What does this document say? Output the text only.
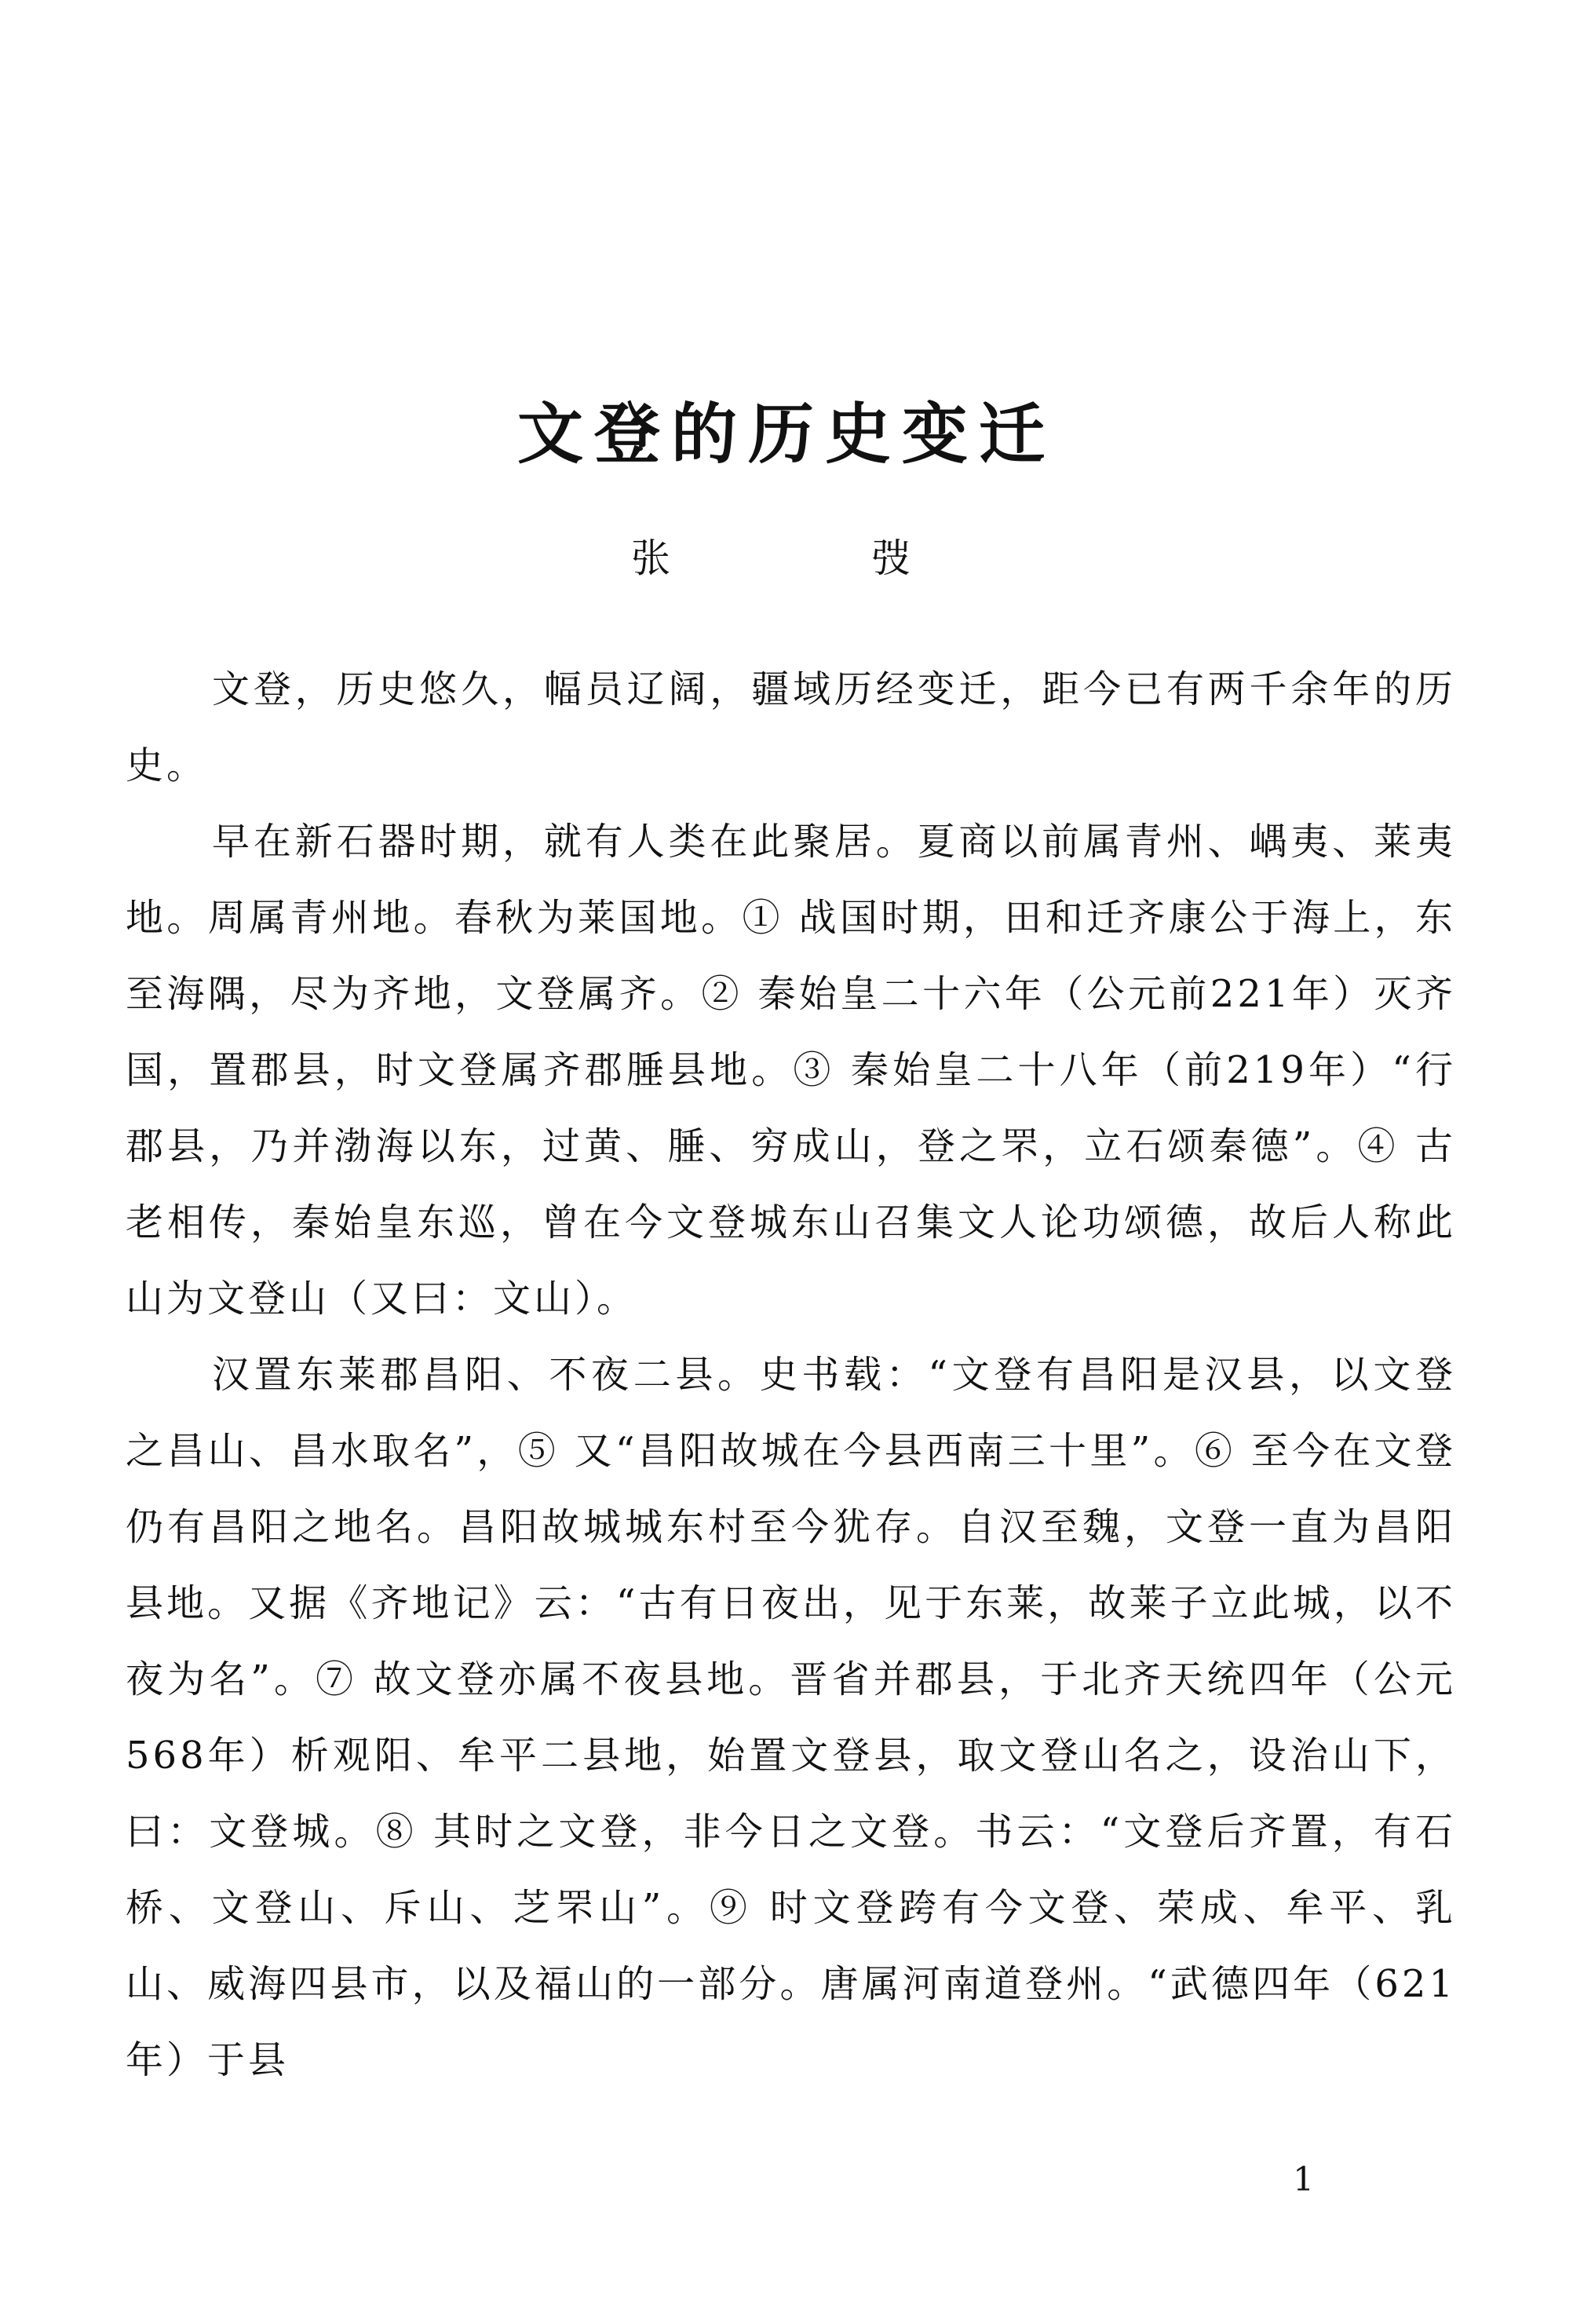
文登的历史变迁
张 弢

文登，历史悠久，幅员辽阔，疆域历经变迁，距今已有两千余年的历史。

早在新石器时期，就有人类在此聚居。夏商以前属青州、嵎夷、莱夷地。周属青州地。春秋为莱国地。① 战国时期，田和迁齐康公于海上，东至海隅，尽为齐地，文登属齐。② 秦始皇二十六年（公元前221年）灭齐国，置郡县，时文登属齐郡腄县地。③ 秦始皇二十八年（前219年）“行郡县，乃并渤海以东，过黄、腄、穷成山，登之罘，立石颂秦德”。④ 古老相传，秦始皇东巡，曾在今文登城东山召集文人论功颂德，故后人称此山为文登山（又曰：文山）。

汉置东莱郡昌阳、不夜二县。史书载：“文登有昌阳是汉县，以文登之昌山、昌水取名”，⑤ 又“昌阳故城在今县西南三十里”。⑥ 至今在文登仍有昌阳之地名。昌阳故城城东村至今犹存。自汉至魏，文登一直为昌阳县地。又据《齐地记》云：“古有日夜出，见于东莱，故莱子立此城，以不夜为名”。⑦ 故文登亦属不夜县地。晋省并郡县，于北齐天统四年（公元568年）析观阳、牟平二县地，始置文登县，取文登山名之，设治山下，曰：文登城。⑧ 其时之文登，非今日之文登。书云：“文登后齐置，有石桥、文登山、斥山、芝罘山”。⑨ 时文登跨有今文登、荣成、牟平、乳山、威海四县市，以及福山的一部分。唐属河南道登州。“武德四年（621年）于县

1
